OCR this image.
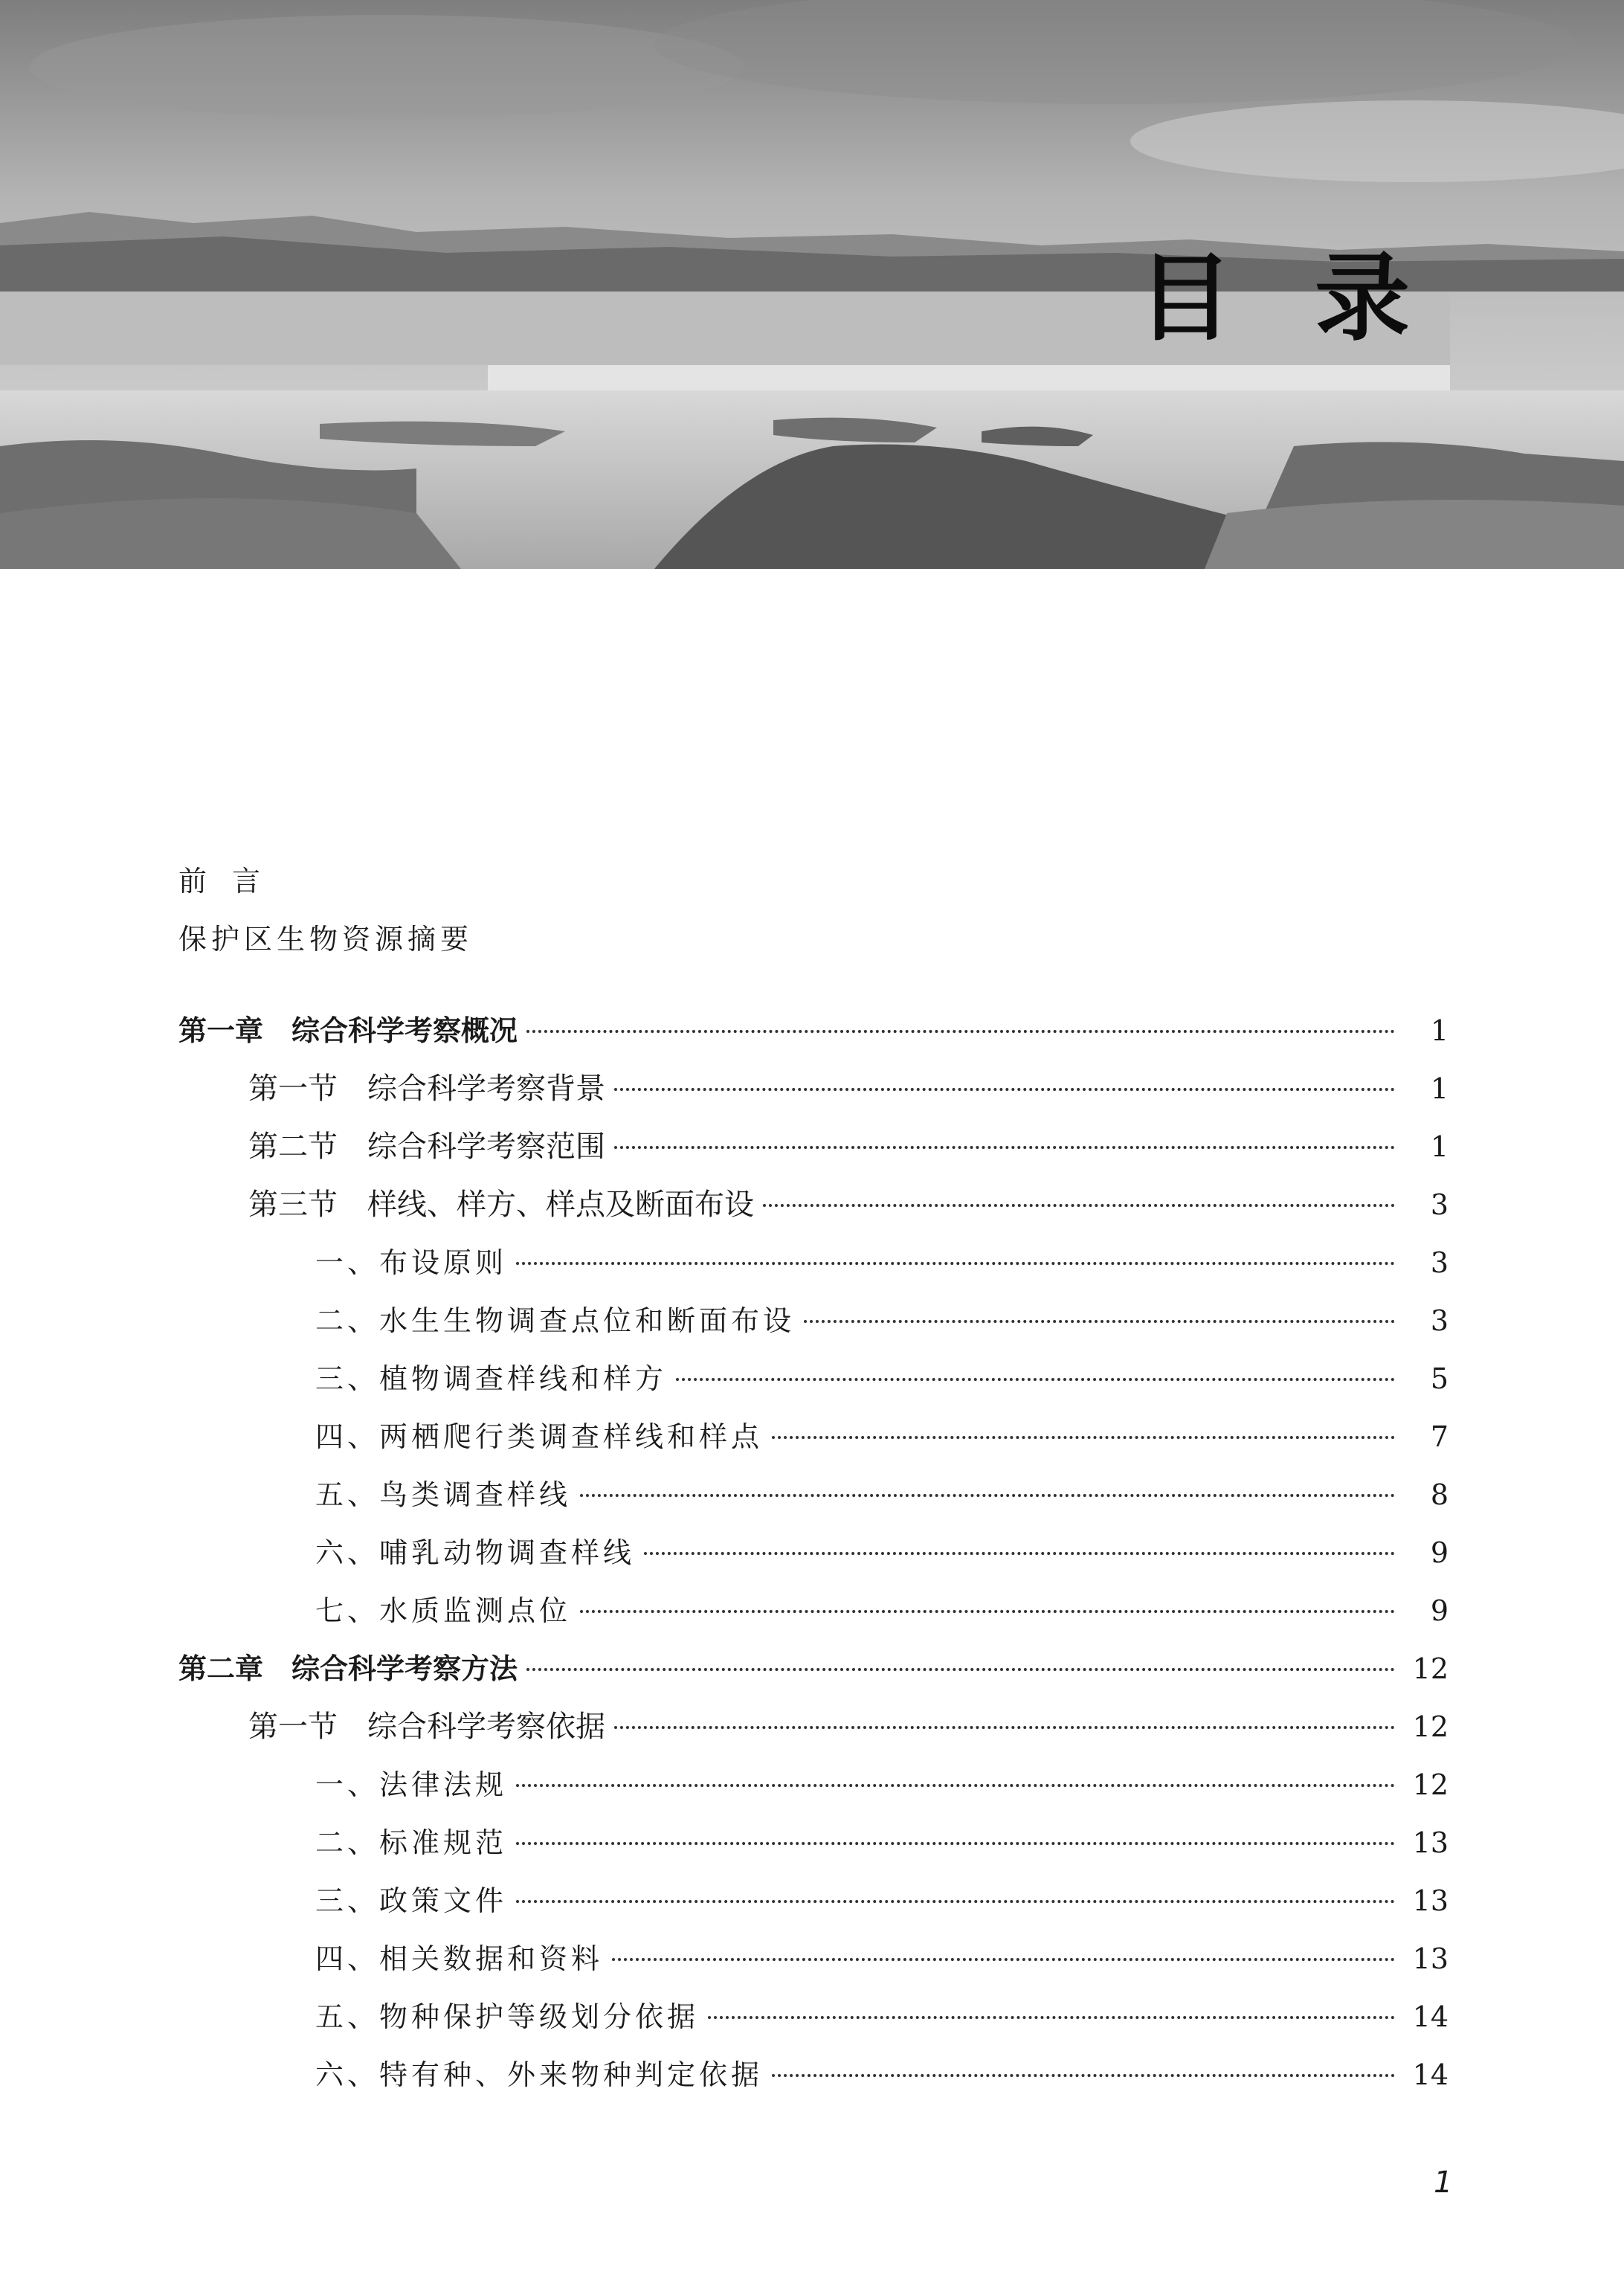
目录
前言
保护区生物资源摘要
第一章　综合科学考察概况	1
第一节　综合科学考察背景	1
第二节　综合科学考察范围	1
第三节　样线、样方、样点及断面布设	3
一、布设原则	3
二、水生生物调查点位和断面布设	3
三、植物调查样线和样方	5
四、两栖爬行类调查样线和样点	7
五、鸟类调查样线	8
六、哺乳动物调查样线	9
七、水质监测点位	9
第二章　综合科学考察方法	12
第一节　综合科学考察依据	12
一、法律法规	12
二、标准规范	13
三、政策文件	13
四、相关数据和资料	13
五、物种保护等级划分依据	14
六、特有种、外来物种判定依据	14
1
